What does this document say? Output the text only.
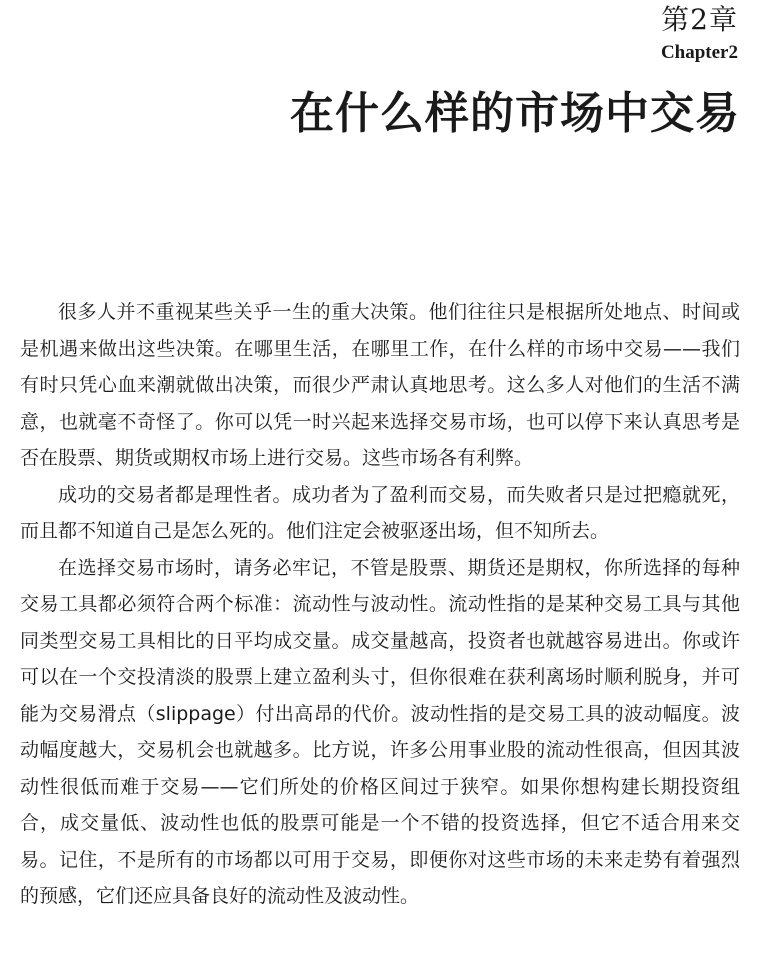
第2章
Chapter2
在什么样的市场中交易

很多人并不重视某些关乎一生的重大决策。他们往往只是根据所处地点、时间或是机遇来做出这些决策。在哪里生活，在哪里工作，在什么样的市场中交易——我们有时只凭心血来潮就做出决策，而很少严肃认真地思考。这么多人对他们的生活不满意，也就毫不奇怪了。你可以凭一时兴起来选择交易市场，也可以停下来认真思考是否在股票、期货或期权市场上进行交易。这些市场各有利弊。

成功的交易者都是理性者。成功者为了盈利而交易，而失败者只是过把瘾就死，而且都不知道自己是怎么死的。他们注定会被驱逐出场，但不知所去。

在选择交易市场时，请务必牢记，不管是股票、期货还是期权，你所选择的每种交易工具都必须符合两个标准：流动性与波动性。流动性指的是某种交易工具与其他同类型交易工具相比的日平均成交量。成交量越高，投资者也就越容易进出。你或许可以在一个交投清淡的股票上建立盈利头寸，但你很难在获利离场时顺利脱身，并可能为交易滑点（slippage）付出高昂的代价。波动性指的是交易工具的波动幅度。波动幅度越大，交易机会也就越多。比方说，许多公用事业股的流动性很高，但因其波动性很低而难于交易——它们所处的价格区间过于狭窄。如果你想构建长期投资组合，成交量低、波动性也低的股票可能是一个不错的投资选择，但它不适合用来交易。记住，不是所有的市场都以可用于交易，即便你对这些市场的未来走势有着强烈的预感，它们还应具备良好的流动性及波动性。
